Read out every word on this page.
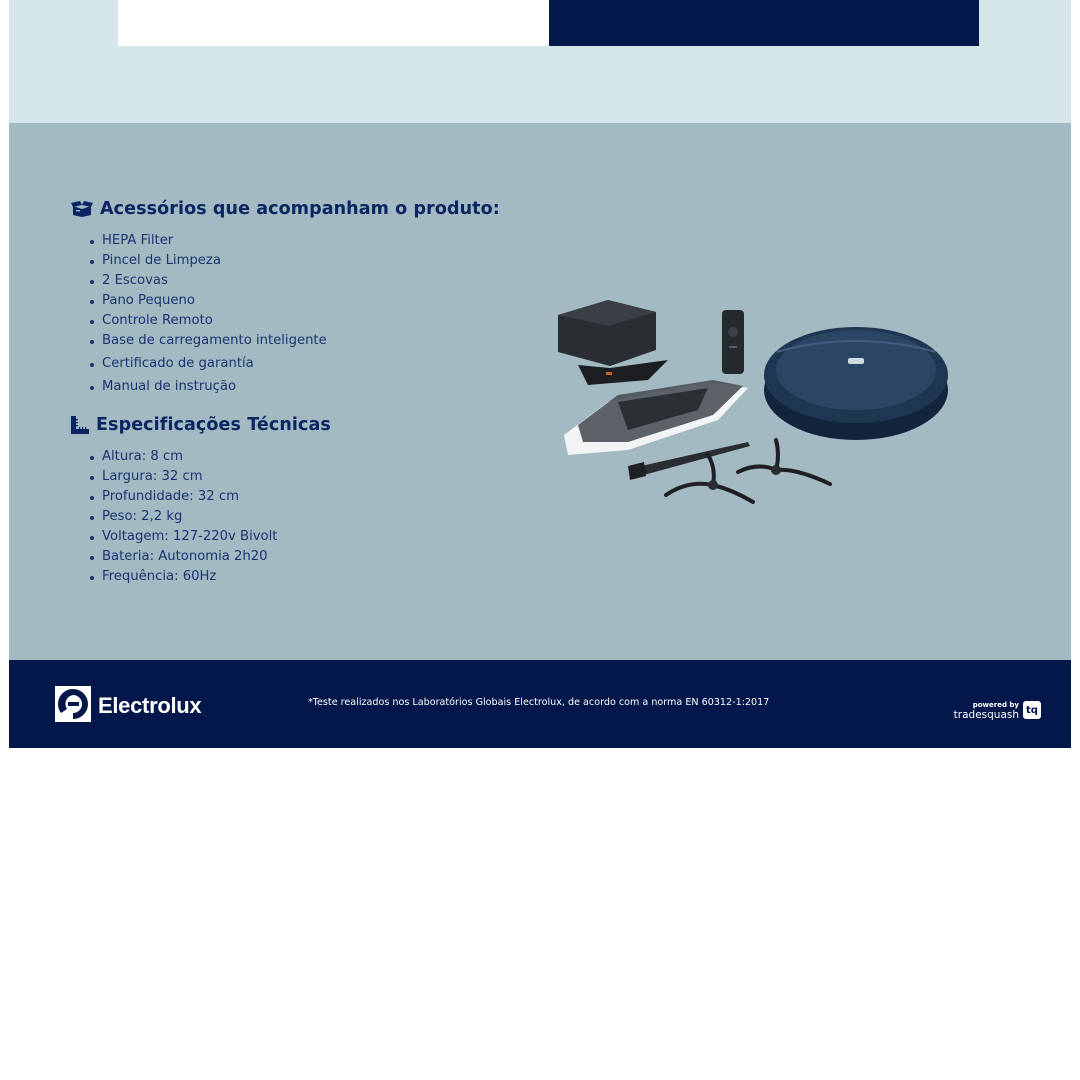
Acessórios que acompanham o produto:
HEPA Filter
Pincel de Limpeza
2 Escovas
Pano Pequeno
Controle Remoto
Base de carregamento inteligente
Certificado de garantía
Manual de instrução
Especificações Técnicas
Altura: 8 cm
Largura: 32 cm
Profundidade: 32 cm
Peso: 2,2 kg
Voltagem: 127-220v Bivolt
Bateria: Autonomia 2h20
Frequência: 60Hz
Electrolux	*Teste realizados nos Laboratórios Globais Electrolux, de acordo com a norma EN 60312-1:2017	powered by
tradesquash tq
